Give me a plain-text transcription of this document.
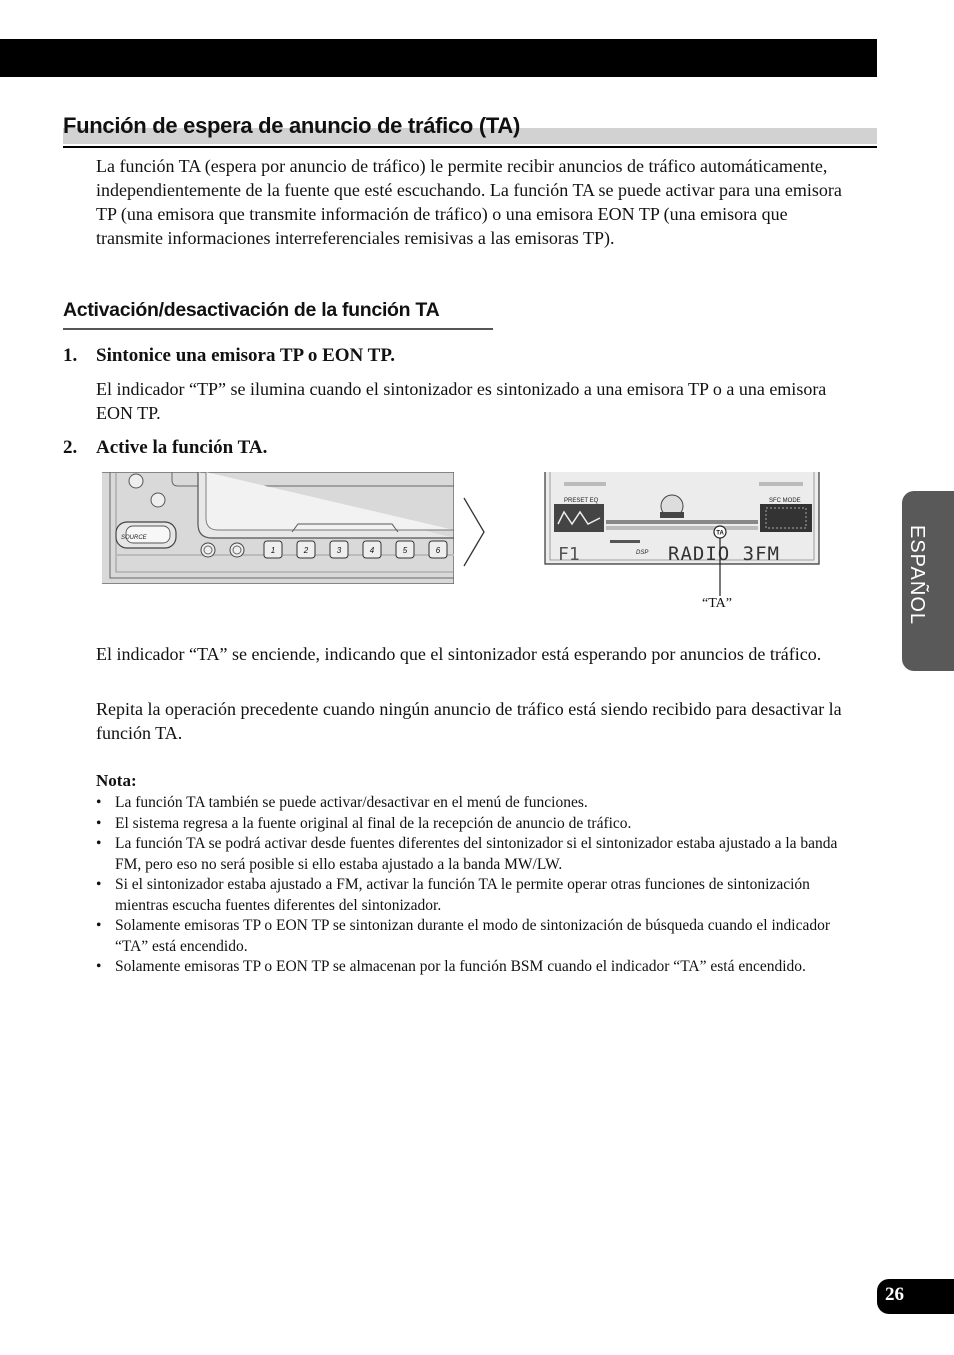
Función de espera de anuncio de tráfico (TA)

La función TA (espera por anuncio de tráfico) le permite recibir anuncios de tráfico automáticamente, independientemente de la fuente que esté escuchando. La función TA se puede activar para una emisora TP (una emisora que transmite información de tráfico) o una emisora EON TP (una emisora que transmite informaciones interreferenciales remisivas a las emisoras TP).

Activación/desactivación de la función TA
1. Sintonice una emisora TP o EON TP.

El indicador “TP” se ilumina cuando el sintonizador es sintonizado a una emisora TP o a una emisora EON TP.

2. Active la función TA.
1	2	3	4	5	6
SOURCE
PRESET EQ	SFC MODE
TA
F1	DSP RADIO 3FM
“TA”

El indicador “TA” se enciende, indicando que el sintonizador está esperando por anuncios de tráfico.

Repita la operación precedente cuando ningún anuncio de tráfico está siendo recibido para desactivar la función TA.

Nota:
• La función TA también se puede activar/desactivar en el menú de funciones.
• El sistema regresa a la fuente original al final de la recepción de anuncio de tráfico.
• La función TA se podrá activar desde fuentes diferentes del sintonizador si el sintonizador estaba ajustado a la banda FM, pero eso no será posible si ello estaba ajustado a la banda MW/LW.
• Si el sintonizador estaba ajustado a FM, activar la función TA le permite operar otras funciones de sintonización mientras escucha fuentes diferentes del sintonizador.
• Solamente emisoras TP o EON TP se sintonizan durante el modo de sintonización de búsqueda cuando el indicador “TA” está encendido.
• Solamente emisoras TP o EON TP se almacenan por la función BSM cuando el indicador “TA” está encendido.
ESPAÑOL
26
